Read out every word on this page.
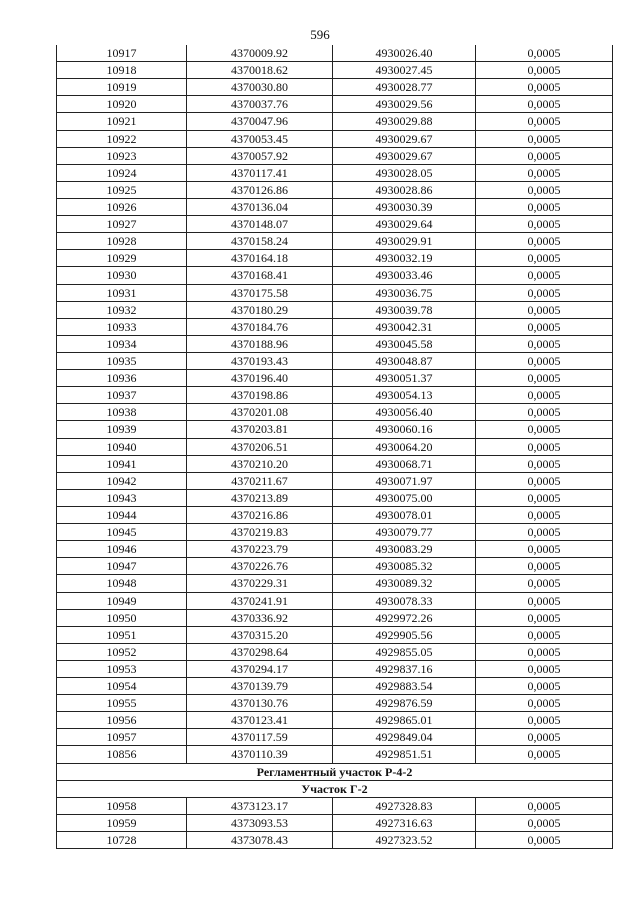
596
10917	4370009.92	4930026.40	0,0005
10918	4370018.62	4930027.45	0,0005
10919	4370030.80	4930028.77	0,0005
10920	4370037.76	4930029.56	0,0005
10921	4370047.96	4930029.88	0,0005
10922	4370053.45	4930029.67	0,0005
10923	4370057.92	4930029.67	0,0005
10924	4370117.41	4930028.05	0,0005
10925	4370126.86	4930028.86	0,0005
10926	4370136.04	4930030.39	0,0005
10927	4370148.07	4930029.64	0,0005
10928	4370158.24	4930029.91	0,0005
10929	4370164.18	4930032.19	0,0005
10930	4370168.41	4930033.46	0,0005
10931	4370175.58	4930036.75	0,0005
10932	4370180.29	4930039.78	0,0005
10933	4370184.76	4930042.31	0,0005
10934	4370188.96	4930045.58	0,0005
10935	4370193.43	4930048.87	0,0005
10936	4370196.40	4930051.37	0,0005
10937	4370198.86	4930054.13	0,0005
10938	4370201.08	4930056.40	0,0005
10939	4370203.81	4930060.16	0,0005
10940	4370206.51	4930064.20	0,0005
10941	4370210.20	4930068.71	0,0005
10942	4370211.67	4930071.97	0,0005
10943	4370213.89	4930075.00	0,0005
10944	4370216.86	4930078.01	0,0005
10945	4370219.83	4930079.77	0,0005
10946	4370223.79	4930083.29	0,0005
10947	4370226.76	4930085.32	0,0005
10948	4370229.31	4930089.32	0,0005
10949	4370241.91	4930078.33	0,0005
10950	4370336.92	4929972.26	0,0005
10951	4370315.20	4929905.56	0,0005
10952	4370298.64	4929855.05	0,0005
10953	4370294.17	4929837.16	0,0005
10954	4370139.79	4929883.54	0,0005
10955	4370130.76	4929876.59	0,0005
10956	4370123.41	4929865.01	0,0005
10957	4370117.59	4929849.04	0,0005
10856	4370110.39	4929851.51	0,0005
Регламентный участок Р-4-2
Участок Г-2
10958	4373123.17	4927328.83	0,0005
10959	4373093.53	4927316.63	0,0005
10728	4373078.43	4927323.52	0,0005
